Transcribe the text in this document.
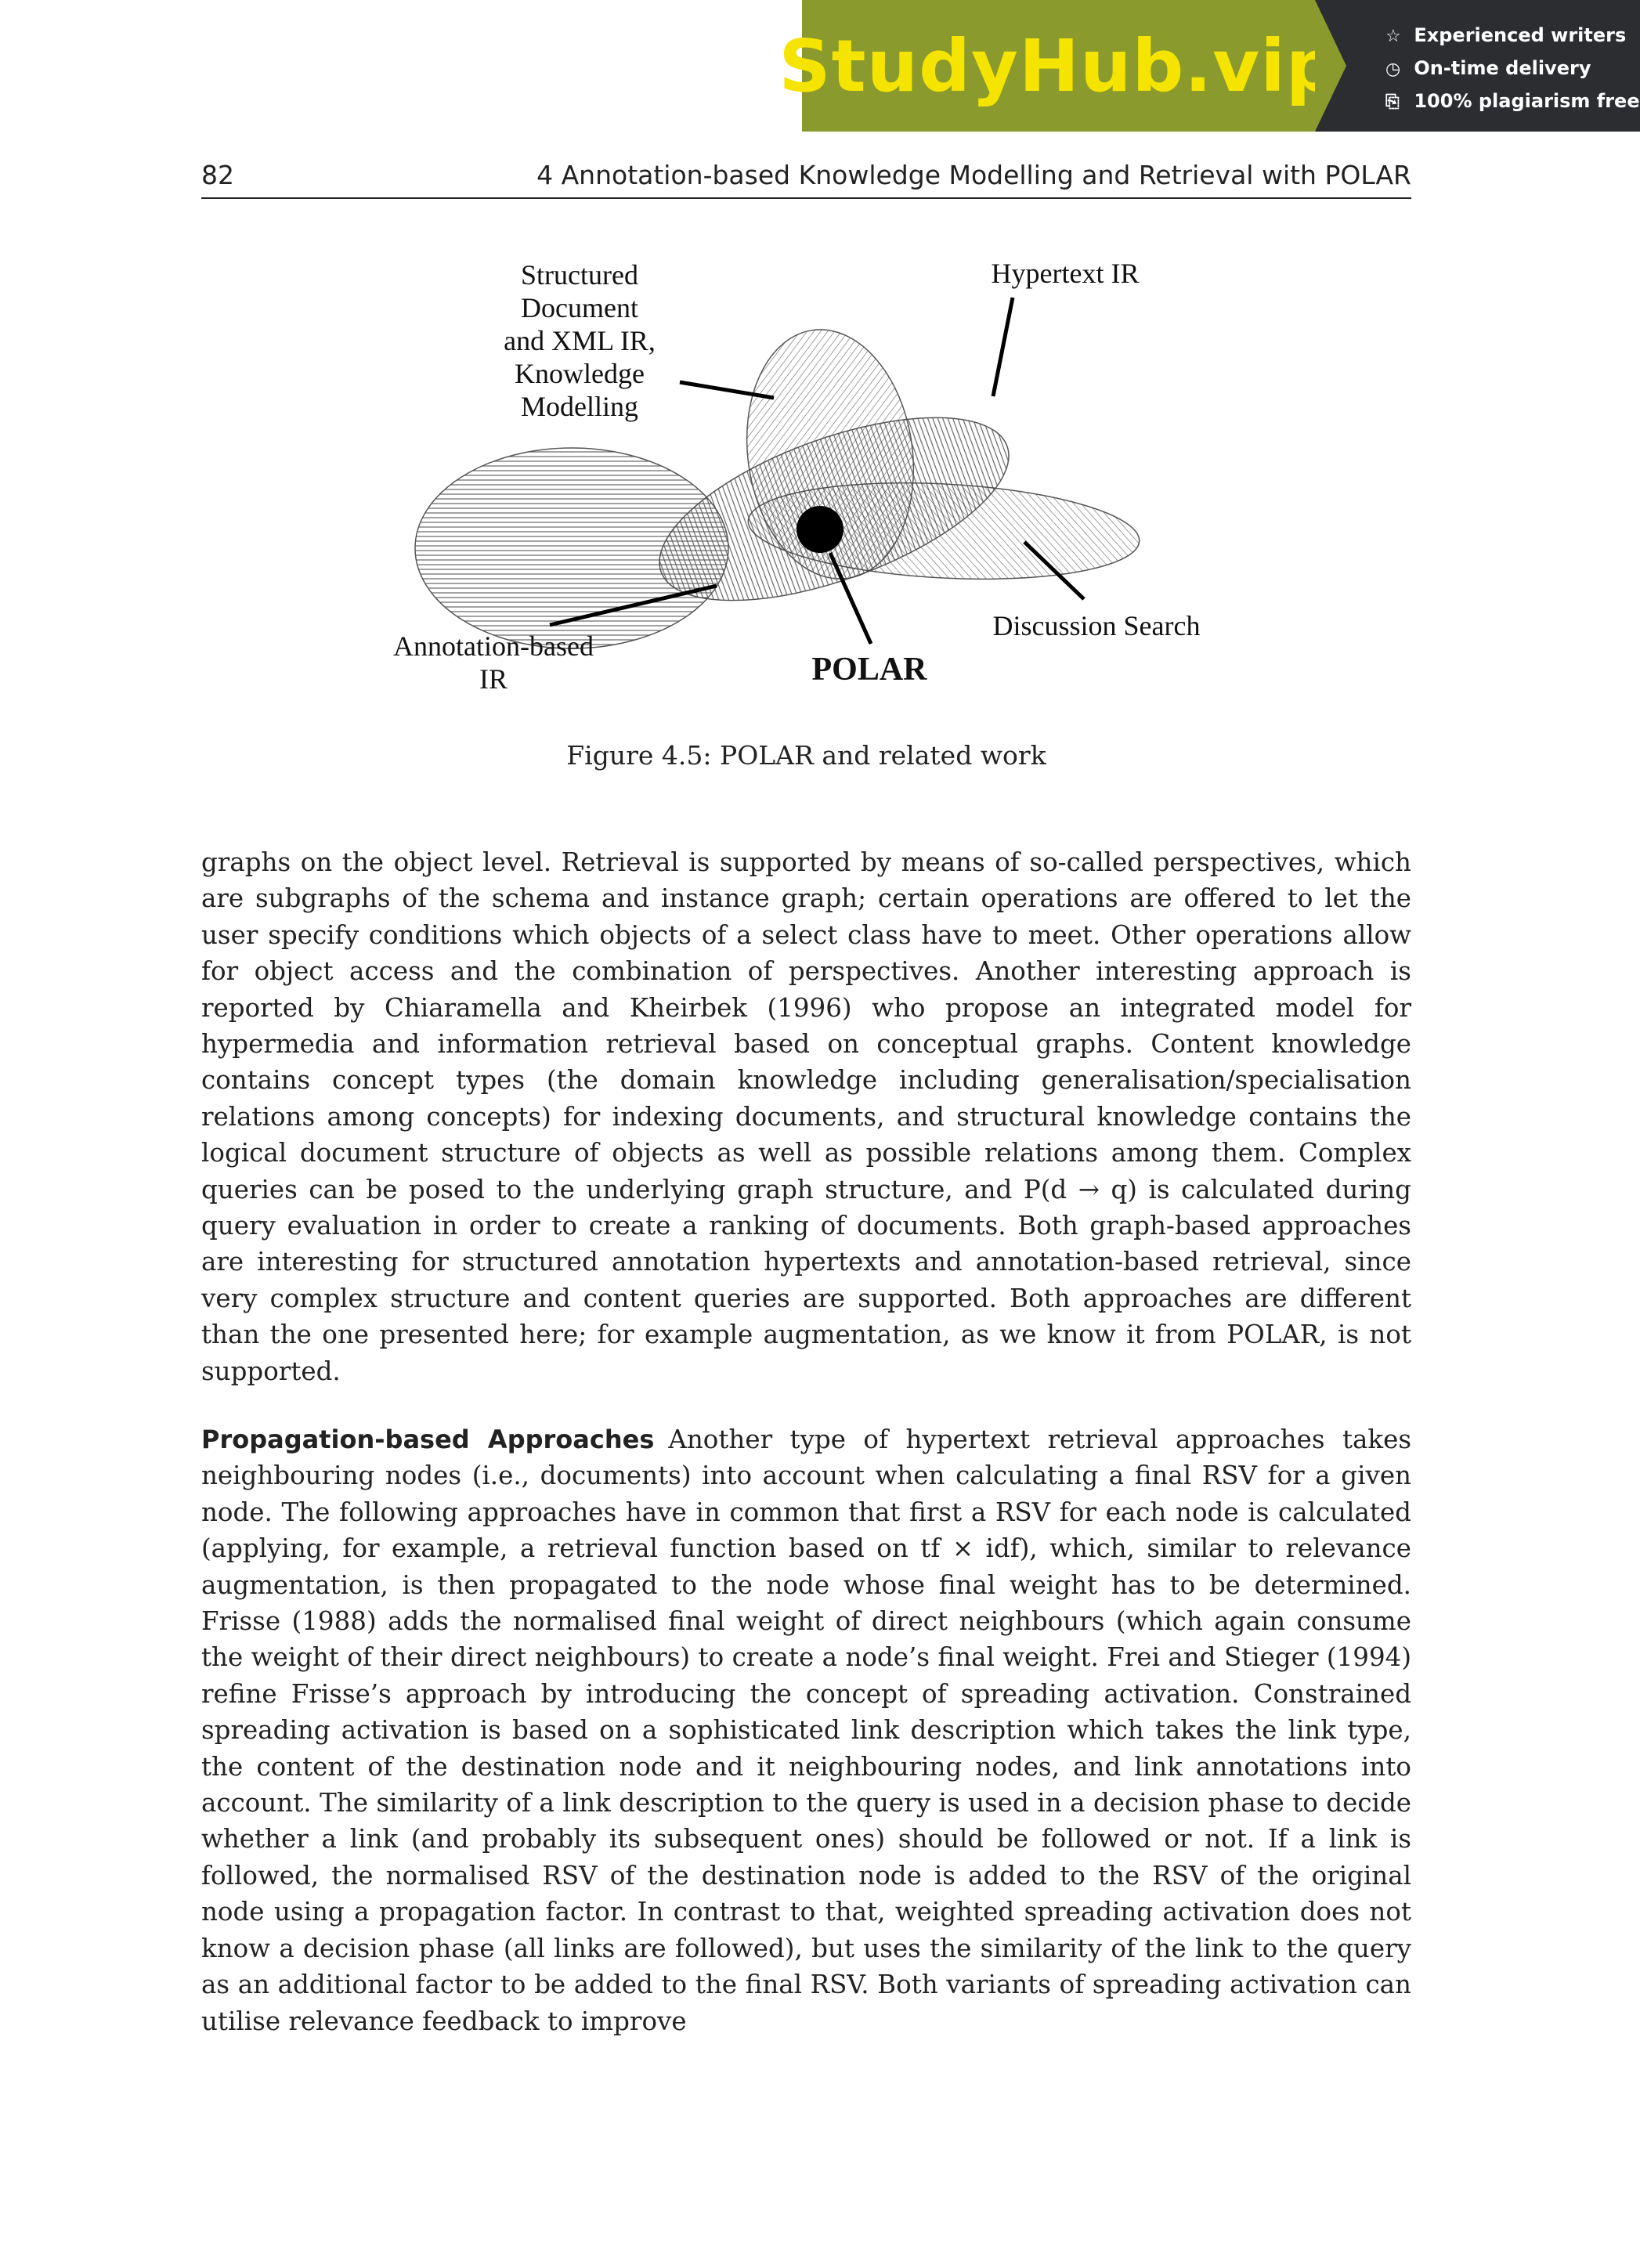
StudyHub.vip	☆ Experienced writers
◷ On-time delivery
⎘ 100% plagiarism free
82	4 Annotation-based Knowledge Modelling and Retrieval with POLAR
Structured
Document
and XML IR,
Knowledge
Modelling
Hypertext IR
Discussion Search
Annotation-based
IR	POLAR
Figure 4.5: POLAR and related work

graphs on the object level. Retrieval is supported by means of so-called perspectives, which are subgraphs of the schema and instance graph; certain operations are offered to let the user specify conditions which objects of a select class have to meet. Other operations allow for object access and the combination of perspectives. Another interesting approach is reported by Chiaramella and Kheirbek (1996) who propose an integrated model for hypermedia and information retrieval based on conceptual graphs. Content knowledge contains concept types (the domain knowledge including generalisation/specialisation relations among concepts) for indexing documents, and structural knowledge contains the logical document structure of objects as well as possible relations among them. Complex queries can be posed to the underlying graph structure, and P(d → q) is calculated during query evaluation in order to create a ranking of documents. Both graph-based approaches are interesting for structured annotation hypertexts and annotation-based retrieval, since very complex structure and content queries are supported. Both approaches are different than the one presented here; for example augmentation, as we know it from POLAR, is not supported.

Propagation-based Approaches Another type of hypertext retrieval approaches takes neighbouring nodes (i.e., documents) into account when calculating a final RSV for a given node. The following approaches have in common that first a RSV for each node is calculated (applying, for example, a retrieval function based on tf × idf), which, similar to relevance augmentation, is then propagated to the node whose final weight has to be determined. Frisse (1988) adds the normalised final weight of direct neighbours (which again consume the weight of their direct neighbours) to create a node’s final weight. Frei and Stieger (1994) refine Frisse’s approach by introducing the concept of spreading activation. Constrained spreading activation is based on a sophisticated link description which takes the link type, the content of the destination node and it neighbouring nodes, and link annotations into account. The similarity of a link description to the query is used in a decision phase to decide whether a link (and probably its subsequent ones) should be followed or not. If a link is followed, the normalised RSV of the destination node is added to the RSV of the original node using a propagation factor. In contrast to that, weighted spreading activation does not know a decision phase (all links are followed), but uses the similarity of the link to the query as an additional factor to be added to the final RSV. Both variants of spreading activation can utilise relevance feedback to improve
